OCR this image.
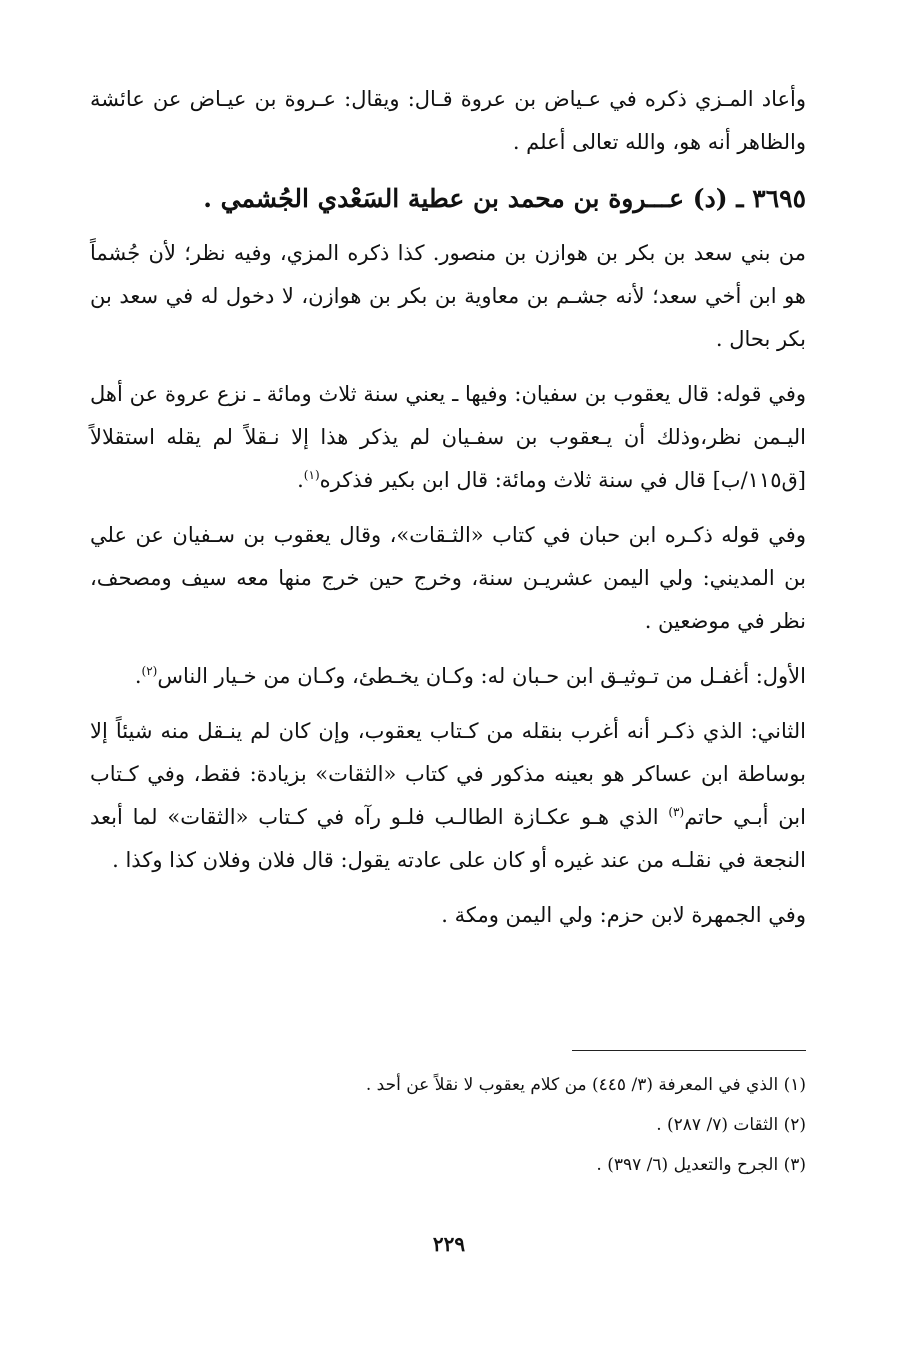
وأعاد المـزي ذكره في عـياض بن عروة قـال: ويقال: عـروة بن عيـاض عن عائشة والظاهر أنه هو، والله تعالى أعلم .

٣٦٩٥ ـ (د) عـــروة بن محمد بن عطية السَعْدي الجُشمي .

من بني سعد بن بكر بن هوازن بن منصور. كذا ذكره المزي، وفيه نظر؛ لأن جُشماً هو ابن أخي سعد؛ لأنه جشـم بن معاوية بن بكر بن هوازن، لا دخول له في سعد بن بكر بحال .

وفي قوله: قال يعقوب بن سفيان: وفيها ـ يعني سنة ثلاث ومائة ـ نزع عروة عن أهل اليـمن نظر،وذلك أن يـعقوب بن سفـيان لم يذكر هذا إلا نـقلاً لم يقله استقلالاً [ق١١٥/ب] قال في سنة ثلاث ومائة: قال ابن بكير فذكره$^{(١)}$.

وفي قوله ذكـره ابن حبان في كتاب «الثـقات»، وقال يعقوب بن سـفيان عن علي بن المديني: ولي اليمن عشريـن سنة، وخرج حين خرج منها معه سيف ومصحف، نظر في موضعين .

الأول: أغفـل من تـوثيـق ابن حـبان له: وكـان يخـطئ، وكـان من خـيار الناس$^{(٢)}$.

الثاني: الذي ذكـر أنه أغرب بنقله من كـتاب يعقوب، وإن كان لم ينـقل منه شيئاً إلا بوساطة ابن عساكر هو بعينه مذكور في كتاب «الثقات» بزيادة: فقط، وفي كـتاب ابن أبـي حاتم$^{(٣)}$ الذي هـو عكـازة الطالـب فلـو رآه في كـتاب «الثقات» لما أبعد النجعة في نقلـه من عند غيره أو كان على عادته يقول: قال فلان وفلان كذا وكذا .

وفي الجمهرة لابن حزم: ولي اليمن ومكة .

(١) الذي في المعرفة (٣/ ٤٤٥) من كلام يعقوب لا نقلاً عن أحد .

(٢) الثقات (٧/ ٢٨٧) .

(٣) الجرح والتعديل (٦/ ٣٩٧) .

٢٢٩
